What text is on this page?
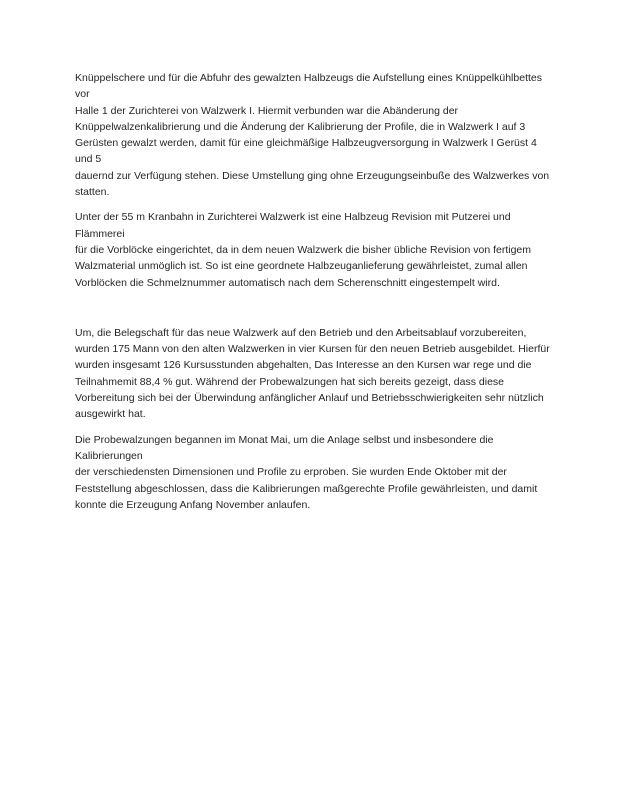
Knüppelschere und für die Abfuhr des gewalzten Halbzeugs die Aufstellung eines Knüppelkühlbettes vor
Halle 1 der Zurichterei von Walzwerk I. Hiermit verbunden war die Abänderung der
Knüppelwalzenkalibrierung und die Änderung der Kalibrierung der Profile, die in Walzwerk I auf 3
Gerüsten gewalzt werden, damit für eine gleichmäßige Halbzeugversorgung in Walzwerk I Gerüst 4 und 5
dauernd zur Verfügung stehen. Diese Umstellung ging ohne Erzeugungseinbuße des Walzwerkes von
statten.

Unter der 55 m Kranbahn in Zurichterei Walzwerk ist eine Halbzeug Revision mit Putzerei und Flämmerei
für die Vorblöcke eingerichtet, da in dem neuen Walzwerk die bisher übliche Revision von fertigem
Walzmaterial unmöglich ist. So ist eine geordnete Halbzeuganlieferung gewährleistet, zumal allen
Vorblöcken die Schmelznummer automatisch nach dem Scherenschnitt eingestempelt wird.

Um, die Belegschaft für das neue Walzwerk auf den Betrieb und den Arbeitsablauf vorzubereiten,
wurden 175 Mann von den alten Walzwerken in vier Kursen für den neuen Betrieb ausgebildet. Hierfür
wurden insgesamt 126 Kursusstunden abgehalten, Das Interesse an den Kursen war rege und die
Teilnahmemit 88,4 % gut. Während der Probewalzungen hat sich bereits gezeigt, dass diese
Vorbereitung sich bei der Überwindung anfänglicher Anlauf und Betriebsschwierigkeiten sehr nützlich
ausgewirkt hat.

Die Probewalzungen begannen im Monat Mai, um die Anlage selbst und insbesondere die Kalibrierungen
der verschiedensten Dimensionen und Profile zu erproben. Sie wurden Ende Oktober mit der
Feststellung abgeschlossen, dass die Kalibrierungen maßgerechte Profile gewährleisten, und damit
konnte die Erzeugung Anfang November anlaufen.
